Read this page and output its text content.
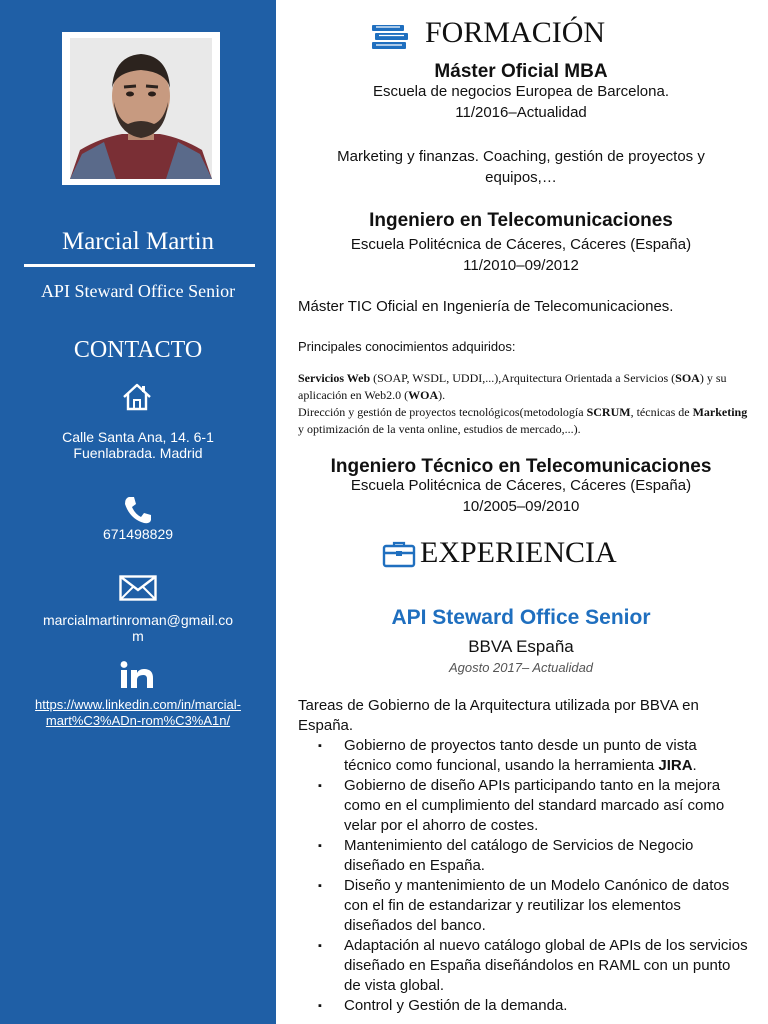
Marcial Martin
API Steward Office Senior
CONTACTO
Calle Santa Ana, 14. 6-1
Fuenlabrada. Madrid
671498829
marcialmartinroman@gmail.co
m
https://www.linkedin.com/in/marcial-
mart%C3%ADn-rom%C3%A1n/
FORMACIÓN
Máster Oficial MBA
Escuela de negocios Europea de Barcelona.
11/2016–Actualidad
Marketing y finanzas. Coaching, gestión de proyectos y equipos,…
Ingeniero en Telecomunicaciones
Escuela Politécnica de Cáceres, Cáceres (España)
11/2010–09/2012
Máster TIC Oficial en Ingeniería de Telecomunicaciones.
Principales conocimientos adquiridos:
Servicios Web (SOAP, WSDL, UDDI,...),Arquitectura Orientada a Servicios (SOA) y su aplicación en Web2.0 (WOA).
Dirección y gestión de proyectos tecnológicos(metodología SCRUM, técnicas de Marketing y optimización de la venta online, estudios de mercado,...).
Ingeniero Técnico en Telecomunicaciones
Escuela Politécnica de Cáceres, Cáceres (España)
10/2005–09/2010
EXPERIENCIA
API Steward Office Senior
BBVA España
Agosto 2017– Actualidad
Tareas de Gobierno de la Arquitectura utilizada por BBVA en España.
▪ Gobierno de proyectos tanto desde un punto de vista técnico como funcional, usando la herramienta JIRA.
▪ Gobierno de diseño APIs participando tanto en la mejora como en el cumplimiento del standard marcado así como velar por el ahorro de costes.
▪ Mantenimiento del catálogo de Servicios de Negocio diseñado en España.
▪ Diseño y mantenimiento de un Modelo Canónico de datos con el fin de estandarizar y reutilizar los elementos diseñados del banco.
▪ Adaptación al nuevo catálogo global de APIs de los servicios diseñado en España diseñándolos en RAML con un punto de vista global.
▪ Control y Gestión de la demanda.
